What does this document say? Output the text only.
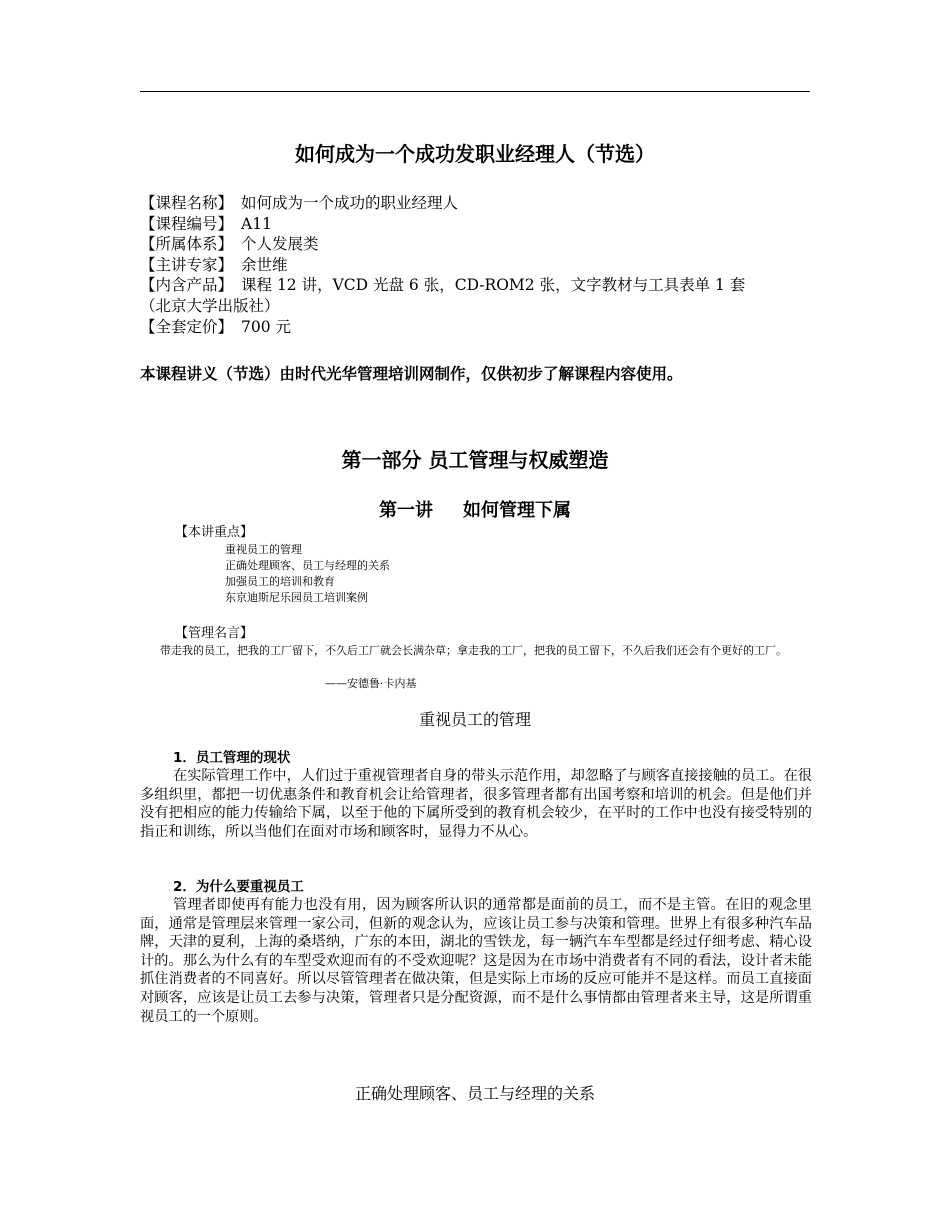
如何成为一个成功发职业经理人（节选）
【课程名称】 如何成为一个成功的职业经理人
【课程编号】 A11
【所属体系】 个人发展类
【主讲专家】 余世维
【内含产品】 课程 12 讲，VCD 光盘 6 张，CD-ROM2 张，文字教材与工具表单 1 套
（北京大学出版社）
【全套定价】 700 元
本课程讲义（节选）由时代光华管理培训网制作，仅供初步了解课程内容使用。
第一部分 员工管理与权威塑造
第一讲 如何管理下属
【本讲重点】
重视员工的管理
正确处理顾客、员工与经理的关系
加强员工的培训和教育
东京迪斯尼乐园员工培训案例
【管理名言】
带走我的员工，把我的工厂留下，不久后工厂就会长满杂草；拿走我的工厂，把我的员工留下，不久后我们还会有个更好的工厂。
——安德鲁·卡内基
重视员工的管理
1．员工管理的现状
在实际管理工作中，人们过于重视管理者自身的带头示范作用，却忽略了与顾客直接接触的员工。在很多组织里，都把一切优惠条件和教育机会让给管理者，很多管理者都有出国考察和培训的机会。但是他们并没有把相应的能力传输给下属，以至于他的下属所受到的教育机会较少，在平时的工作中也没有接受特别的指正和训练，所以当他们在面对市场和顾客时，显得力不从心。
2．为什么要重视员工
管理者即使再有能力也没有用，因为顾客所认识的通常都是面前的员工，而不是主管。在旧的观念里面，通常是管理层来管理一家公司，但新的观念认为，应该让员工参与决策和管理。世界上有很多种汽车品牌，天津的夏利，上海的桑塔纳，广东的本田，湖北的雪铁龙，每一辆汽车车型都是经过仔细考虑、精心设计的。那么为什么有的车型受欢迎而有的不受欢迎呢？这是因为在市场中消费者有不同的看法，设计者未能抓住消费者的不同喜好。所以尽管管理者在做决策，但是实际上市场的反应可能并不是这样。而员工直接面对顾客，应该是让员工去参与决策，管理者只是分配资源，而不是什么事情都由管理者来主导，这是所谓重视员工的一个原则。
正确处理顾客、员工与经理的关系
